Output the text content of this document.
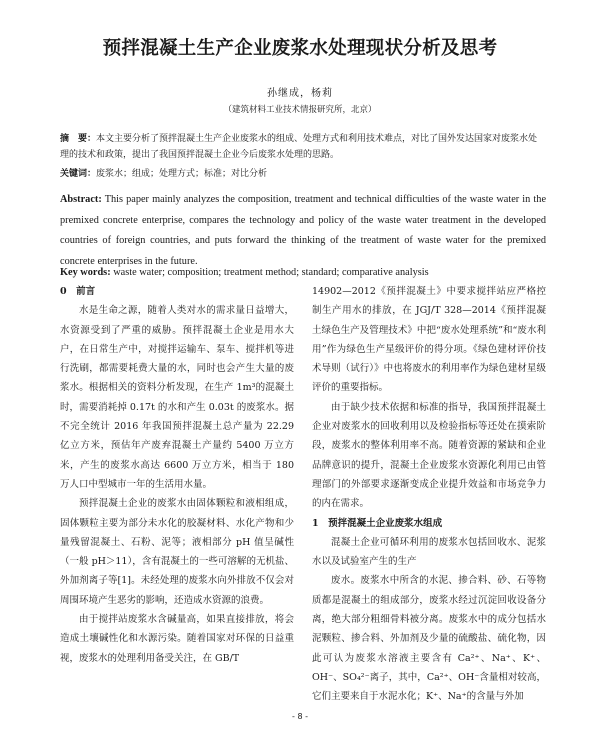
预拌混凝土生产企业废浆水处理现状分析及思考
孙继成，杨莉
（建筑材料工业技术情报研究所，北京）
摘　要：本文主要分析了预拌混凝土生产企业废浆水的组成、处理方式和利用技术难点，对比了国外发达国家对废浆水处理的技术和政策，提出了我国预拌混凝土企业今后废浆水处理的思路。
关键词：废浆水；组成；处理方式；标准；对比分析
Abstract: This paper mainly analyzes the composition, treatment and technical difficulties of the waste water in the premixed concrete enterprise, compares the technology and policy of the waste water treatment in the developed countries of foreign countries, and puts forward the thinking of the treatment of waste water for the premixed concrete enterprises in the future.
Key words: waste water; composition; treatment method; standard; comparative analysis

0　前言

水是生命之源，随着人类对水的需求量日益增大，水资源受到了严重的威胁。预拌混凝土企业是用水大户，在日常生产中，对搅拌运输车、泵车、搅拌机等进行洗刷，都需要耗费大量的水，同时也会产生大量的废浆水。根据相关的资料分析发现，在生产 1m³的混凝土时，需要消耗掉 0.17t 的水和产生 0.03t 的废浆水。据不完全统计 2016 年我国预拌混凝土总产量为 22.29 亿立方米，预估年产废弃混凝土产量约 5400 万立方米，产生的废浆水高达 6600 万立方米，相当于 180 万人口中型城市一年的生活用水量。

预拌混凝土企业的废浆水由固体颗粒和液相组成，固体颗粒主要为部分未水化的胶凝材料、水化产物和少量残留混凝土、石粉、泥等；液相部分 pH 值呈碱性（一般 pH＞11），含有混凝土的一些可溶解的无机盐、外加剂离子等[1]。未经处理的废浆水向外排放不仅会对周围环境产生恶劣的影响，还造成水资源的浪费。

由于搅拌站废浆水含碱量高，如果直接排放，将会造成土壤碱性化和水源污染。随着国家对环保的日益重视，废浆水的处理利用备受关注，在 GB/T

14902—2012《预拌混凝土》中要求搅拌站应严格控制生产用水的排放，在 JGJ/T 328—2014《预拌混凝土绿色生产及管理技术》中把“废水处理系统”和“废水利用”作为绿色生产星级评价的得分项。《绿色建材评价技术导则（试行）》中也将废水的利用率作为绿色建材星级评价的重要指标。

由于缺少技术依据和标准的指导，我国预拌混凝土企业对废浆水的回收利用以及检验指标等还处在摸索阶段，废浆水的整体利用率不高。随着资源的紧缺和企业品牌意识的提升，混凝土企业废浆水资源化利用已由管理部门的外部要求逐渐变成企业提升效益和市场竞争力的内在需求。

1　预拌混凝土企业废浆水组成

混凝土企业可循环利用的废浆水包括回收水、泥浆水以及试验室产生的生产

废水。废浆水中所含的水泥、掺合料、砂、石等物质都是混凝土的组成部分，废浆水经过沉淀回收设备分离，绝大部分粗细骨料被分离。废浆水中的成分包括水泥颗粒、掺合料、外加剂及少量的硫酸盐、硫化物，因此可认为废浆水溶液主要含有 Ca²⁺、Na⁺、K⁺、OH⁻、SO₄²⁻离子，其中，Ca²⁺、OH⁻含量相对较高，它们主要来自于水泥水化；K⁺、Na⁺的含量与外加

- 8 -
